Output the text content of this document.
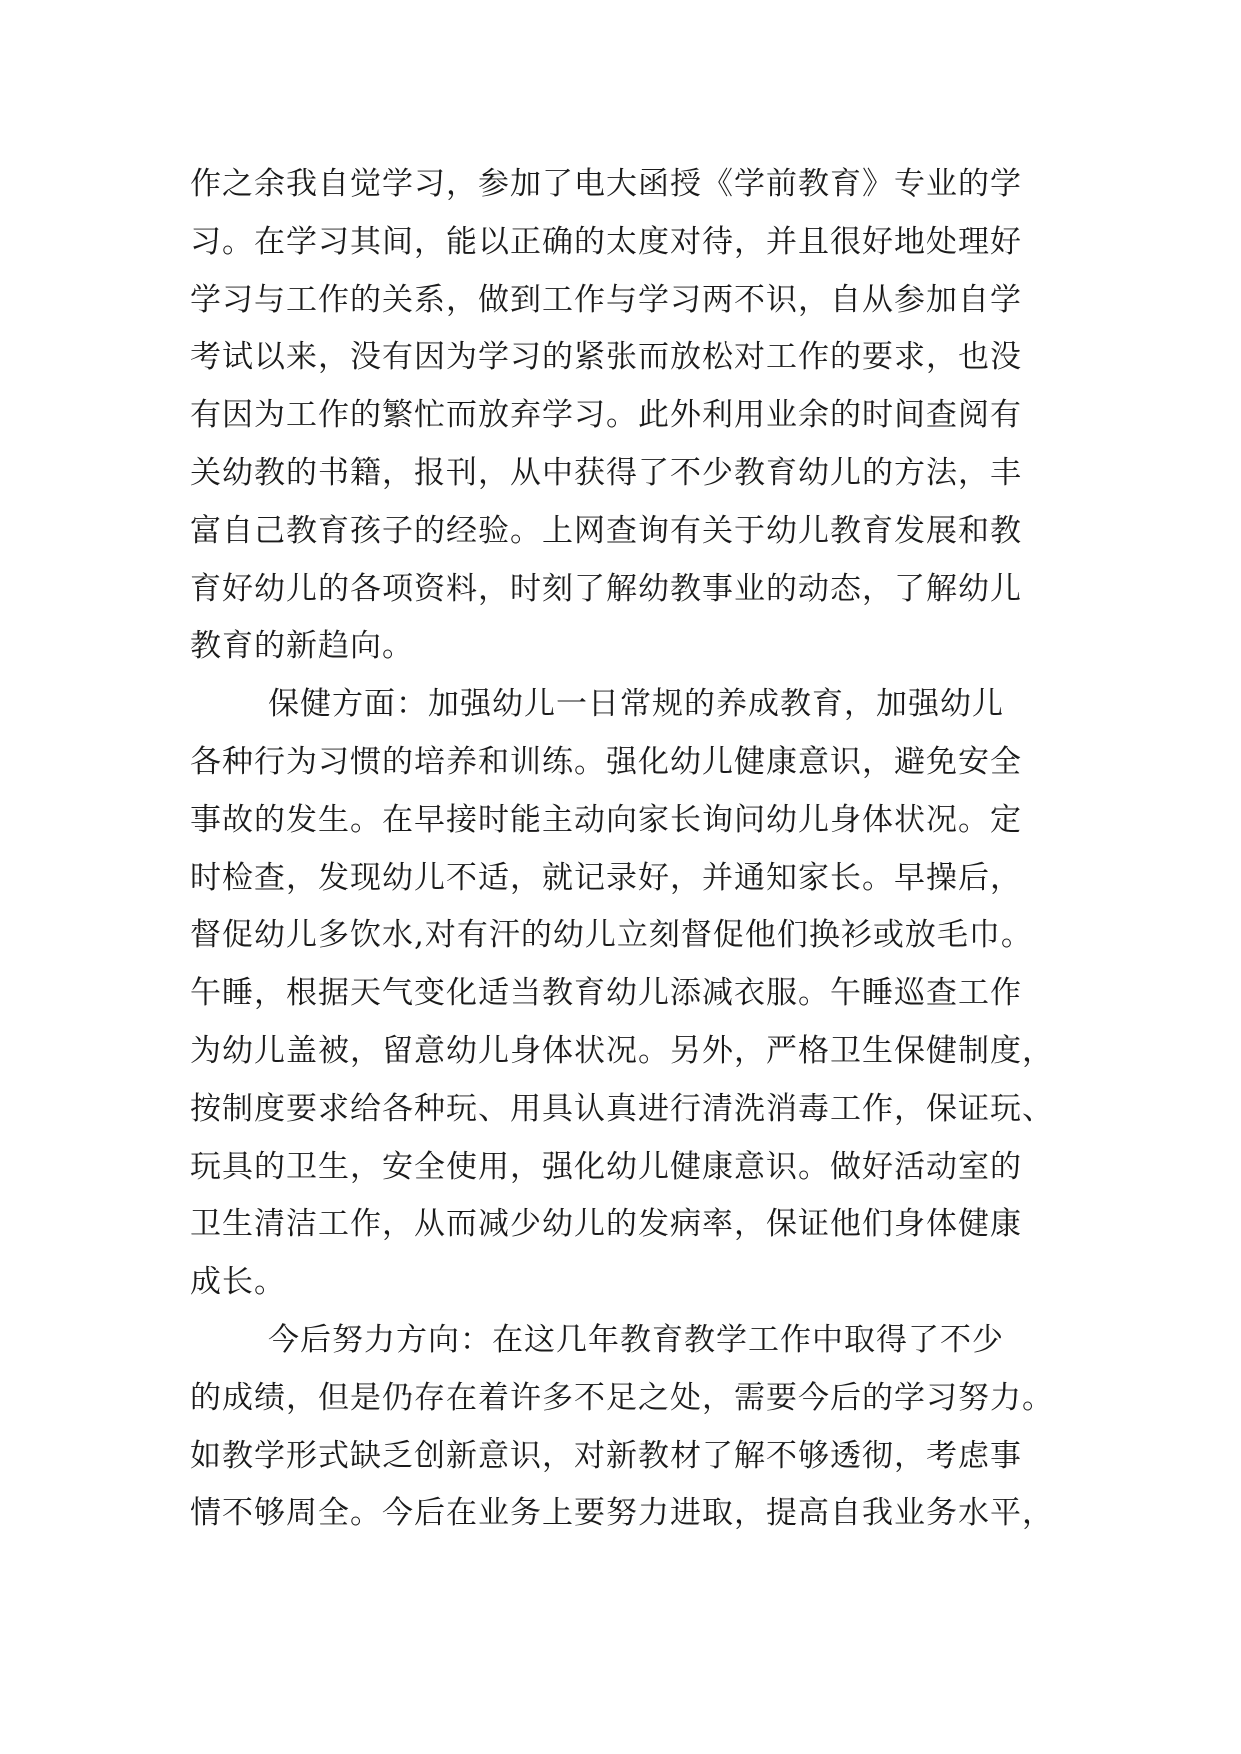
作之余我自觉学习，参加了电大函授《学前教育》专业的学
习。在学习其间，能以正确的太度对待，并且很好地处理好
学习与工作的关系，做到工作与学习两不识，自从参加自学
考试以来，没有因为学习的紧张而放松对工作的要求，也没
有因为工作的繁忙而放弃学习。此外利用业余的时间查阅有
关幼教的书籍，报刊，从中获得了不少教育幼儿的方法，丰
富自己教育孩子的经验。上网查询有关于幼儿教育发展和教
育好幼儿的各项资料，时刻了解幼教事业的动态，了解幼儿
教育的新趋向。
保健方面：加强幼儿一日常规的养成教育，加强幼儿
各种行为习惯的培养和训练。强化幼儿健康意识，避免安全
事故的发生。在早接时能主动向家长询问幼儿身体状况。定
时检查，发现幼儿不适，就记录好，并通知家长。早操后，
督促幼儿多饮水,对有汗的幼儿立刻督促他们换衫或放毛巾。
午睡，根据天气变化适当教育幼儿添减衣服。午睡巡查工作
为幼儿盖被，留意幼儿身体状况。另外，严格卫生保健制度，
按制度要求给各种玩、用具认真进行清洗消毒工作，保证玩、
玩具的卫生，安全使用，强化幼儿健康意识。做好活动室的
卫生清洁工作，从而减少幼儿的发病率，保证他们身体健康
成长。
今后努力方向：在这几年教育教学工作中取得了不少
的成绩，但是仍存在着许多不足之处，需要今后的学习努力。
如教学形式缺乏创新意识，对新教材了解不够透彻，考虑事
情不够周全。今后在业务上要努力进取，提高自我业务水平，
